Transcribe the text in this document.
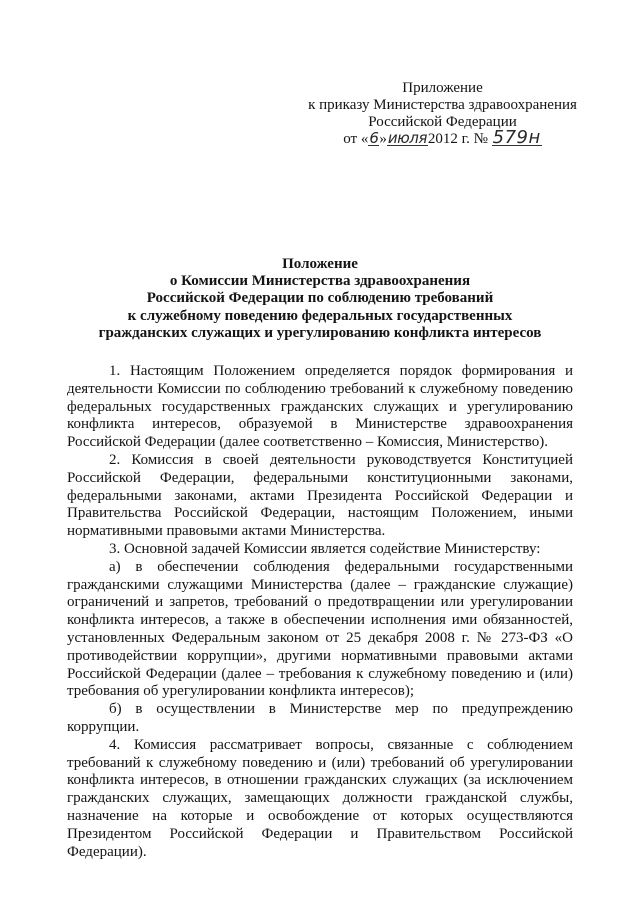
Приложение
к приказу Министерства здравоохранения
Российской Федерации
от «6»июля2012 г. № 579н
Положение
о Комиссии Министерства здравоохранения
Российской Федерации по соблюдению требований
к служебному поведению федеральных государственных
гражданских служащих и урегулированию конфликта интересов

1. Настоящим Положением определяется порядок формирования и деятельности Комиссии по соблюдению требований к служебному поведению федеральных государственных гражданских служащих и урегулированию конфликта интересов, образуемой в Министерстве здравоохранения Российской Федерации (далее соответственно – Комиссия, Министерство).

2. Комиссия в своей деятельности руководствуется Конституцией Российской Федерации, федеральными конституционными законами, федеральными законами, актами Президента Российской Федерации и Правительства Российской Федерации, настоящим Положением, иными нормативными правовыми актами Министерства.

3. Основной задачей Комиссии является содействие Министерству:

а) в обеспечении соблюдения федеральными государственными гражданскими служащими Министерства (далее – гражданские служащие) ограничений и запретов, требований о предотвращении или урегулировании конфликта интересов, а также в обеспечении исполнения ими обязанностей, установленных Федеральным законом от 25 декабря 2008 г. № 273-ФЗ «О противодействии коррупции», другими нормативными правовыми актами Российской Федерации (далее – требования к служебному поведению и (или) требования об урегулировании конфликта интересов);

б) в осуществлении в Министерстве мер по предупреждению коррупции.

4. Комиссия рассматривает вопросы, связанные с соблюдением требований к служебному поведению и (или) требований об урегулировании конфликта интересов, в отношении гражданских служащих (за исключением гражданских служащих, замещающих должности гражданской службы, назначение на которые и освобождение от которых осуществляются Президентом Российской Федерации и Правительством Российской Федерации).
